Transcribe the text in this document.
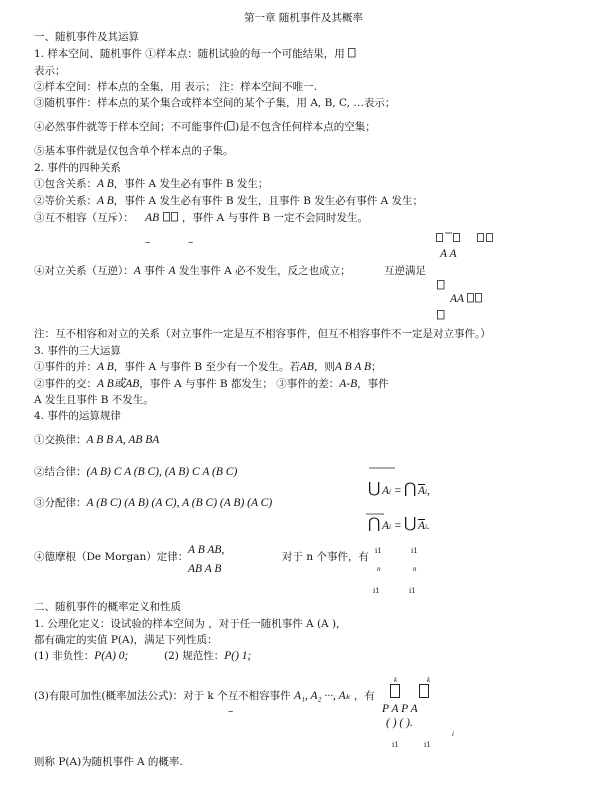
第一章 随机事件及其概率
一、随机事件及其运算
1. 样本空间、随机事件 ①样本点：随机试验的每一个可能结果，用
表示；
②样本空间：样本点的全集，用 表示； 注：样本空间不唯一.
③随机事件：样本点的某个集合或样本空间的某个子集，用 A, B, C, …表示；
④必然事件就等于样本空间；不可能事件( )是不包含任何样本点的空集；
⑤基本事件就是仅包含单个样本点的子集。
2. 事件的四种关系
①包含关系：A B，事件 A 发生必有事件 B 发生；
②等价关系：A B，事件 A 发生必有事件 B 发生，且事件 B 发生必有事件 A 发生；
③互不相容（互斥）： AB ，事件 A 与事件 B 一定不会同时发生。
–	–
A A
④对立关系（互逆）：A 事件 A 发生事件 A 必不发生，反之也成立；	互逆满足
AA
注：互不相容和对立的关系（对立事件一定是互不相容事件，但互不相容事件不一定是对立事件。）
3. 事件的三大运算
①事件的并：A B，事件 A 与事件 B 至少有一个发生。若AB，则A B A B；
②事件的交：A B或AB，事件 A 与事件 B 都发生； ③事件的差：A-B，事件
A 发生且事件 B 不发生。
4. 事件的运算规律
①交换律：A B B A, AB BA
②结合律：(A B) C A (B C), (A B) C A (B C)
⋃ Ai = ⋂ $\overline{A}i$,
③分配律：A (B C) (A B) (A C), A (B C) (A B) (A C)
⋂ Ai = ⋃ $\overline{A}i$.
④德摩根（De Morgan）定律：
A B AB,
对于 n 个事件，有
AB A B
i1	i1
n	n
i1	i1
二、随机事件的概率定义和性质
1. 公理化定义：设试验的样本空间为 ，对于任一随机事件 A (A ),
都有确定的实值 P(A)，满足下列性质：
(1) 非负性：P(A) 0;	(2) 规范性：P() 1;
k	k
(3)有限可加性(概率加法公式)：对于 k 个互不相容事件 A₁, A₂ ···, Aₖ ，有
–	P A P A
( ) ( ).
i
i1	i1
则称 P(A)为随机事件 A 的概率.
